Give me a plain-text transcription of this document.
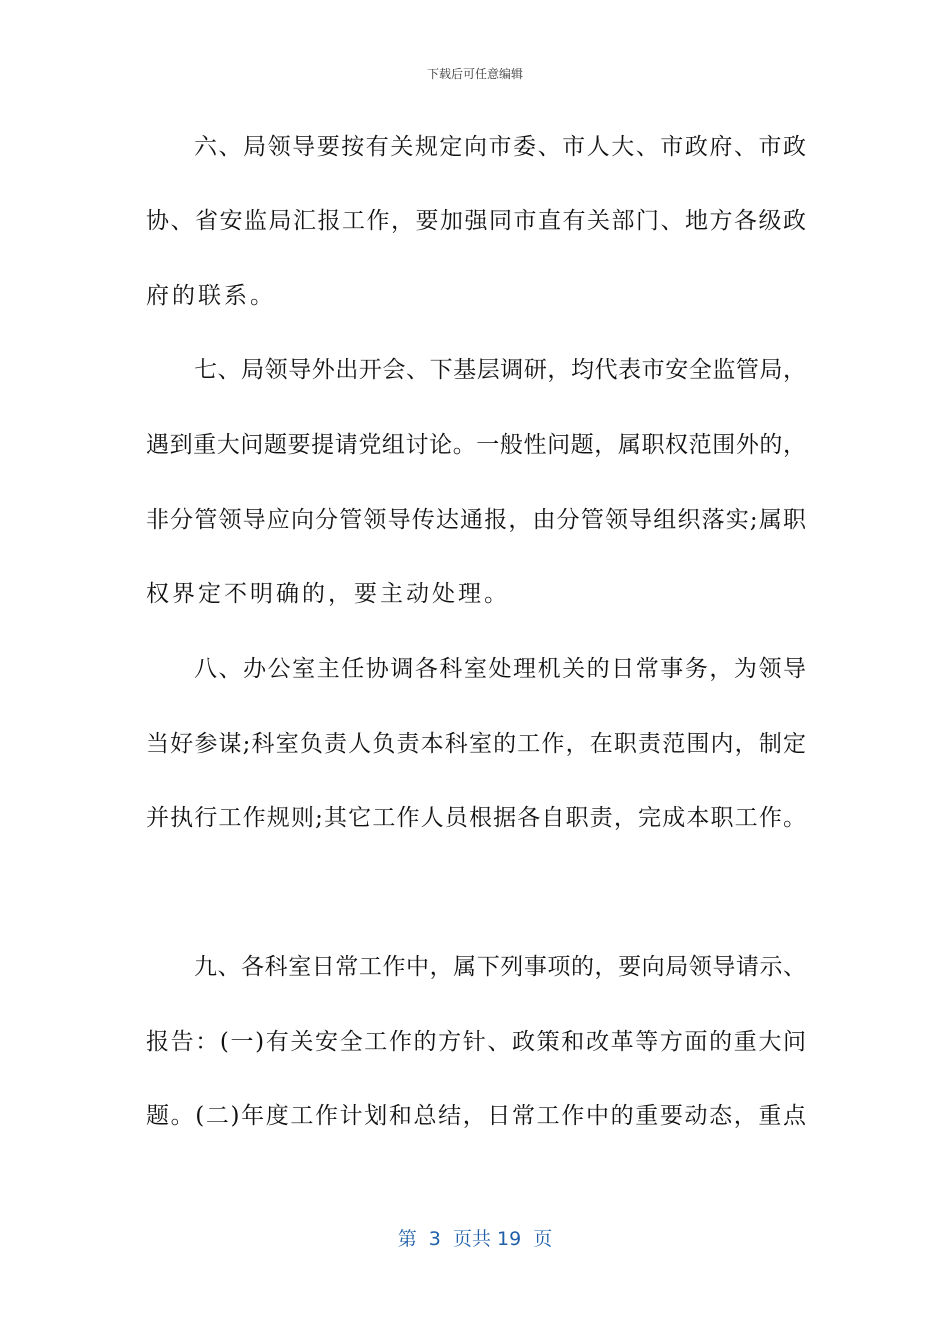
下载后可任意编辑
六、局领导要按有关规定向市委、市人大、市政府、市政
协、省安监局汇报工作，要加强同市直有关部门、地方各级政
府的联系。
七、局领导外出开会、下基层调研，均代表市安全监管局，
遇到重大问题要提请党组讨论。一般性问题，属职权范围外的，
非分管领导应向分管领导传达通报，由分管领导组织落实;属职
权界定不明确的，要主动处理。
八、办公室主任协调各科室处理机关的日常事务，为领导
当好参谋;科室负责人负责本科室的工作，在职责范围内，制定
并执行工作规则;其它工作人员根据各自职责，完成本职工作。
九、各科室日常工作中，属下列事项的，要向局领导请示、
报告：(一)有关安全工作的方针、政策和改革等方面的重大问
题。(二)年度工作计划和总结，日常工作中的重要动态，重点
第  3  页共 19  页
